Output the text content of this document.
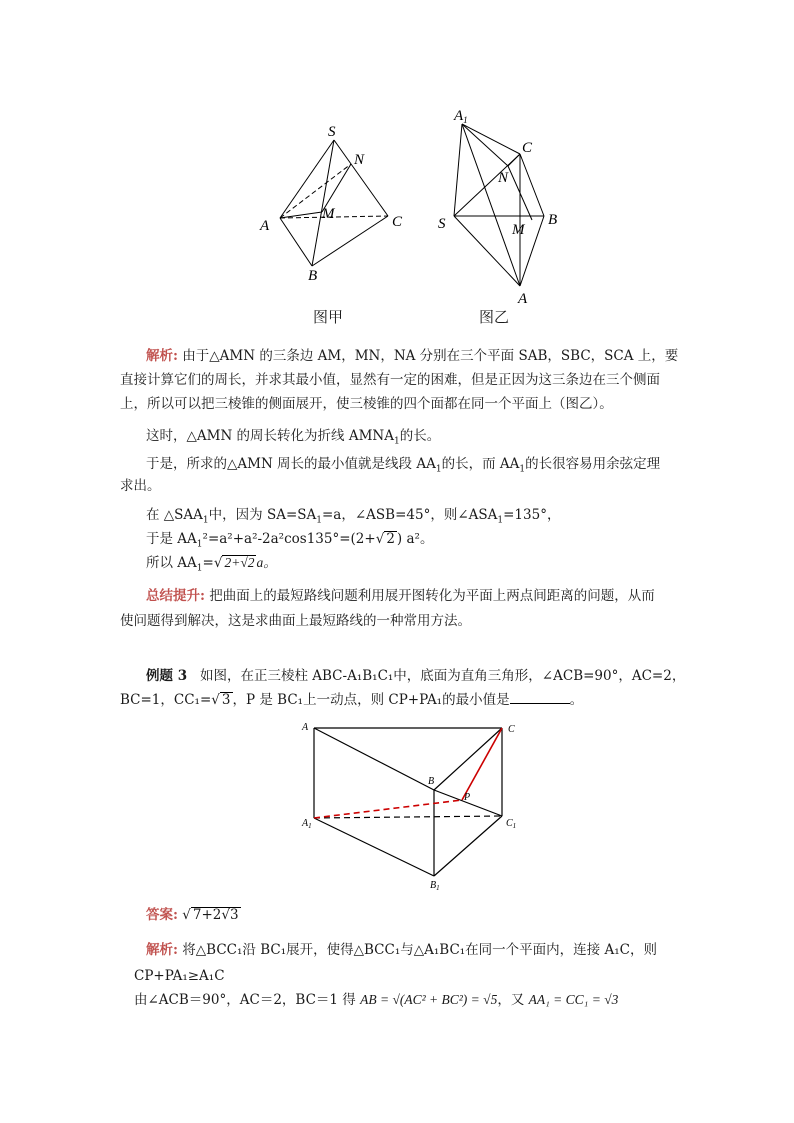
S
N
M
A	C
B
图甲
$A_1$
C
N
S	M
B
A
图乙
解析: 由于△AMN 的三条边 AM，MN，NA 分别在三个平面 SAB，SBC，SCA 上，要
直接计算它们的周长，并求其最小值，显然有一定的困难，但是正因为这三条边在三个侧面
上，所以可以把三棱锥的侧面展开，使三棱锥的四个面都在同一个平面上（图乙）。
这时，△AMN 的周长转化为折线 $AMNA_1$的长。
于是，所求的△AMN 周长的最小值就是线段 $AA_1$的长，而 $AA_1$的长很容易用余弦定理
求出。
在 $\triangle SAA_1$中，因为 $SA=SA_1=a$，∠ASB=45°，则$\angle ASA_1=135^\circ$，
于是 $AA_1^2=a^2+a^2-2a^2\cos 135^\circ=(2+√$ 2 ) a²。
所以 $AA_1=√$ 2+√2 a。
总结提升: 把曲面上的最短路线问题利用展开图转化为平面上两点间距离的问题，从而
使问题得到解决，这是求曲面上最短路线的一种常用方法。
例题 3 如图，在正三棱柱 ABC-A₁B₁C₁中，底面为直角三角形，∠ACB=90°，AC=2，
BC=1，CC₁=√ 3 ，P 是 BC₁上一动点，则 CP+PA₁的最小值是	。
A	C
B
P
$A_1$	$C_1$
$B_1$
答案: √ 7+2√3
解析: 将△BCC₁沿 BC₁展开，使得△BCC₁与△A₁BC₁在同一个平面内，连接 A₁C，则
CP+PA₁≥A₁C
由∠ACB＝90°，AC＝2，BC＝1 得 AB = √(AC² + BC²) = √5，又 AA₁ = CC₁ = √3
